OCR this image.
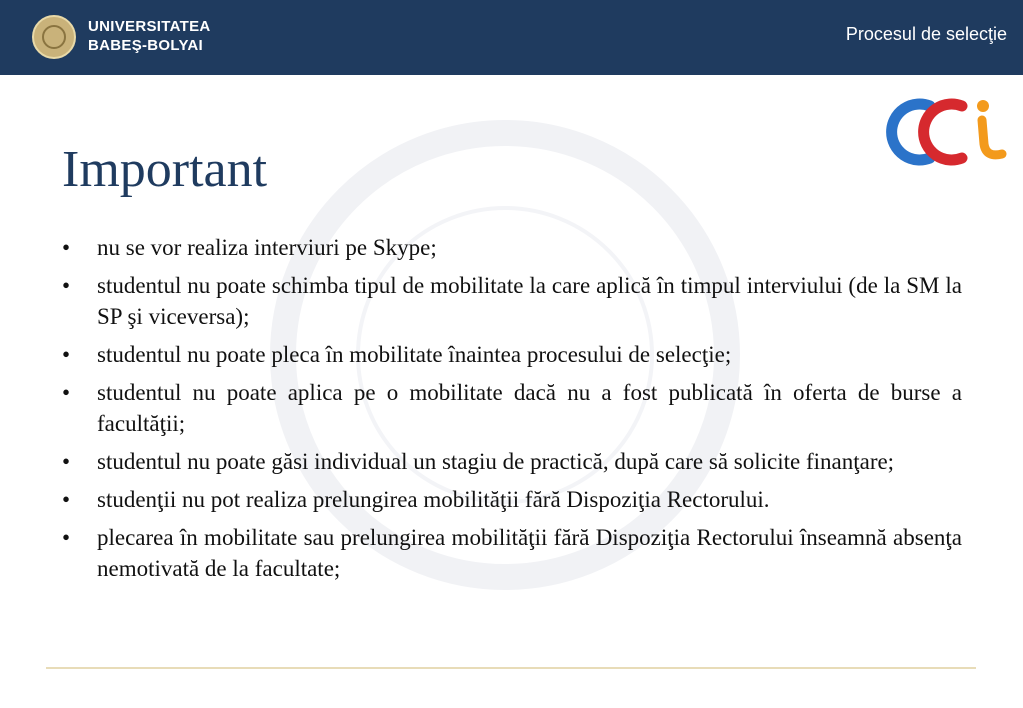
UNIVERSITATEA
BABEŞ-BOLYAI
Procesul de selecţie
Important
• nu se vor realiza interviuri pe Skype;
• studentul nu poate schimba tipul de mobilitate la care aplică în timpul interviului (de la SM la SP şi viceversa);
• studentul nu poate pleca în mobilitate înaintea procesului de selecţie;
• studentul nu poate aplica pe o mobilitate dacă nu a fost publicată în oferta de burse a facultăţii;
• studentul nu poate găsi individual un stagiu de practică, după care să solicite finanţare;
• studenţii nu pot realiza prelungirea mobilităţii fără Dispoziţia Rectorului.
• plecarea în mobilitate sau prelungirea mobilităţii fără Dispoziţia Rectorului înseamnă absenţa nemotivată de la facultate;
